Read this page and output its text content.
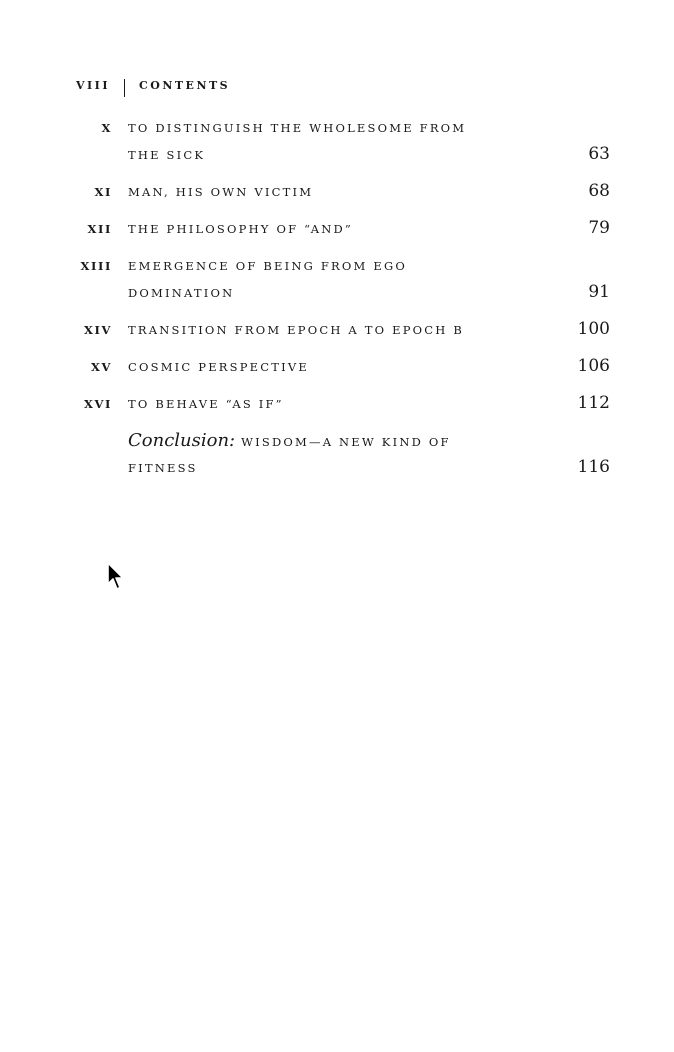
VIII	CONTENTS
X TO DISTINGUISH THE WHOLESOME FROM
THE SICK	63
XI MAN, HIS OWN VICTIM	68
XII THE PHILOSOPHY OF “AND”	79
XIII EMERGENCE OF BEING FROM EGO
DOMINATION	91
XIV TRANSITION FROM EPOCH A TO EPOCH B	100
XV COSMIC PERSPECTIVE	106
XVI TO BEHAVE “AS IF”	112
Conclusion: WISDOM—A NEW KIND OF
FITNESS	116
